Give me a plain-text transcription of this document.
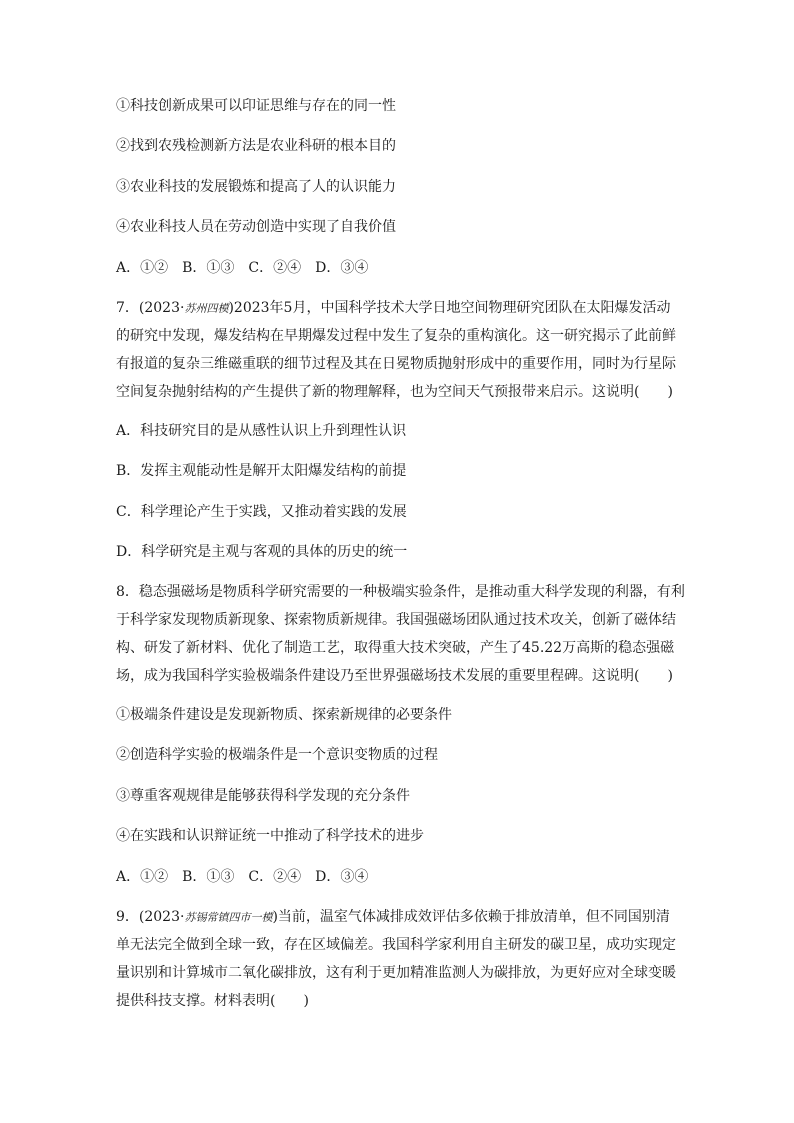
①科技创新成果可以印证思维与存在的同一性
②找到农残检测新方法是农业科研的根本目的
③农业科技的发展锻炼和提高了人的认识能力
④农业科技人员在劳动创造中实现了自我价值
A．①②　B．①③　C．②④　D．③④
7．(2023·苏州四模)2023年5月，中国科学技术大学日地空间物理研究团队在太阳爆发活动
的研究中发现，爆发结构在早期爆发过程中发生了复杂的重构演化。这一研究揭示了此前鲜
有报道的复杂三维磁重联的细节过程及其在日冕物质抛射形成中的重要作用，同时为行星际
空间复杂抛射结构的产生提供了新的物理解释，也为空间天气预报带来启示。这说明(　　)
A．科技研究目的是从感性认识上升到理性认识
B．发挥主观能动性是解开太阳爆发结构的前提
C．科学理论产生于实践，又推动着实践的发展
D．科学研究是主观与客观的具体的历史的统一
8．稳态强磁场是物质科学研究需要的一种极端实验条件，是推动重大科学发现的利器，有利
于科学家发现物质新现象、探索物质新规律。我国强磁场团队通过技术攻关，创新了磁体结
构、研发了新材料、优化了制造工艺，取得重大技术突破，产生了45.22万高斯的稳态强磁
场，成为我国科学实验极端条件建设乃至世界强磁场技术发展的重要里程碑。这说明(　　)
①极端条件建设是发现新物质、探索新规律的必要条件
②创造科学实验的极端条件是一个意识变物质的过程
③尊重客观规律是能够获得科学发现的充分条件
④在实践和认识辩证统一中推动了科学技术的进步
A．①②　B．①③　C．②④　D．③④
9．(2023·苏锡常镇四市一模)当前，温室气体减排成效评估多依赖于排放清单，但不同国别清
单无法完全做到全球一致，存在区域偏差。我国科学家利用自主研发的碳卫星，成功实现定
量识别和计算城市二氧化碳排放，这有利于更加精准监测人为碳排放，为更好应对全球变暖
提供科技支撑。材料表明(　　)
